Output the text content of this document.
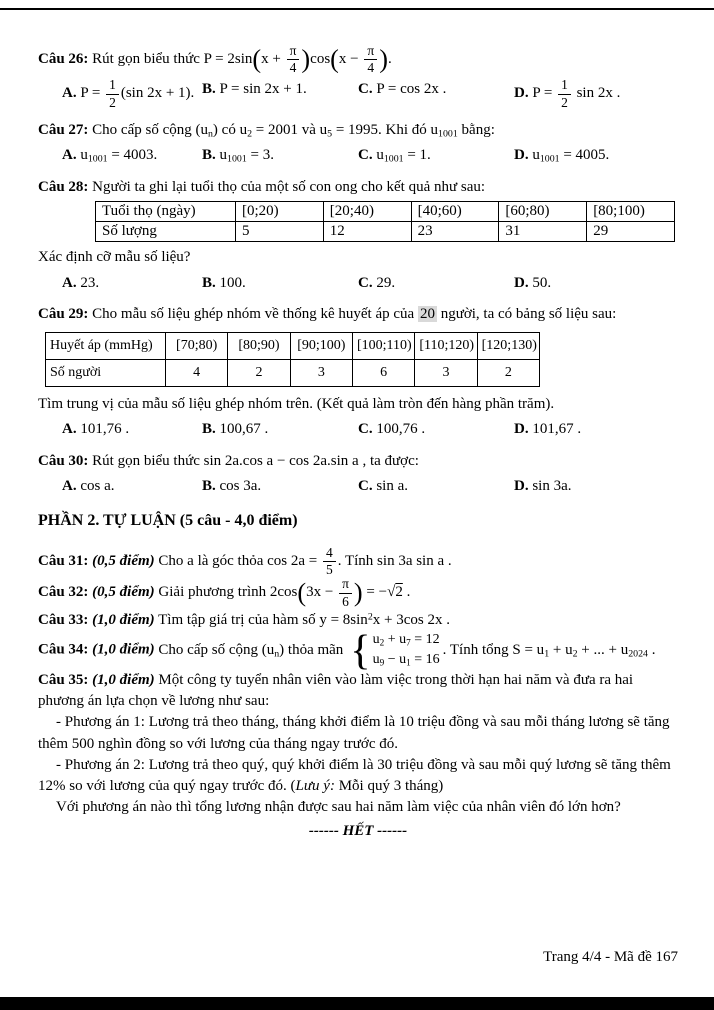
Câu 26: Rút gọn biểu thức $P = 2\sin(x + \frac{\pi}{4} )\cos(x - \frac{\pi}{4}$ ).

A. $P = \frac{1}{2} (\sin$ 2x + 1). B. P = sin 2x + 1.	C. P = cos 2x .	D. $P = \frac{1}{2}$ sin 2x .

Câu 27: Cho cấp số cộng $(u_n)$ có $u_2 = 2001$ và $u_5 = 1995$. Khi đó $u_{1001}$ bằng:

A. $u_{1001} = 4003$.	B. $u_{1001} = 3$.	C. $u_{1001} = 1$.	D. $u_{1001} = 4005$.

Câu 28: Người ta ghi lại tuổi thọ của một số con ong cho kết quả như sau:

Tuổi thọ (ngày)	[0;20)	[20;40)	[40;60)	[60;80)	[80;100)
Số lượng	5	12	23	31	29

Xác định cỡ mẫu số liệu?

A. 23.	B. 100.	C. 29.	D. 50.

Câu 29: Cho mẫu số liệu ghép nhóm về thống kê huyết áp của 20 người, ta có bảng số liệu sau:

Huyết áp (mmHg)	[70;80)	[80;90)	[90;100)	[100;110)	[110;120)	[120;130)
Số người	4	2	3	6	3	2

Tìm trung vị của mẫu số liệu ghép nhóm trên. (Kết quả làm tròn đến hàng phần trăm).

A. 101,76 .	B. 100,67 .	C. 100,76 .	D. 101,67 .

Câu 30: Rút gọn biểu thức sin 2a.cos a − cos 2a.sin a , ta được:

A. cos a.	B. cos 3a.	C. sin a.	D. sin 3a.

PHẦN 2. TỰ LUẬN (5 câu - 4,0 điểm)

Câu 31: (0,5 điểm) Cho a là góc thỏa $\cos 2a = \frac{4}{5}$ . Tính sin 3a sin a .

Câu 32: (0,5 điểm) Giải phương trình $2\cos(3x - \frac{\pi}{6}$ ) = −√2 .

Câu 33: (1,0 điểm) Tìm tập giá trị của hàm số $y = 8\sin^2x + 3\cos$ 2x .

Câu 34: (1,0 điểm) Cho cấp số cộng $(u_n)$ thỏa mãn { $u_2 + u_7 = 12$
$u_9 - u_1 = 16$
. Tính tổng $S = u_1 + u_2$ + ... + $u_{2024}$ .

Câu 35: (1,0 điểm) Một công ty tuyển nhân viên vào làm việc trong thời hạn hai năm và đưa ra hai phương án lựa chọn về lương như sau:

- Phương án 1: Lương trả theo tháng, tháng khởi điểm là 10 triệu đồng và sau mỗi tháng lương sẽ tăng thêm 500 nghìn đồng so với lương của tháng ngay trước đó.

- Phương án 2: Lương trả theo quý, quý khởi điểm là 30 triệu đồng và sau mỗi quý lương sẽ tăng thêm 12% so với lương của quý ngay trước đó. (Lưu ý: Mỗi quý 3 tháng)

Với phương án nào thì tổng lương nhận được sau hai năm làm việc của nhân viên đó lớn hơn?

------ HẾT ------

Trang 4/4 - Mã đề 167
